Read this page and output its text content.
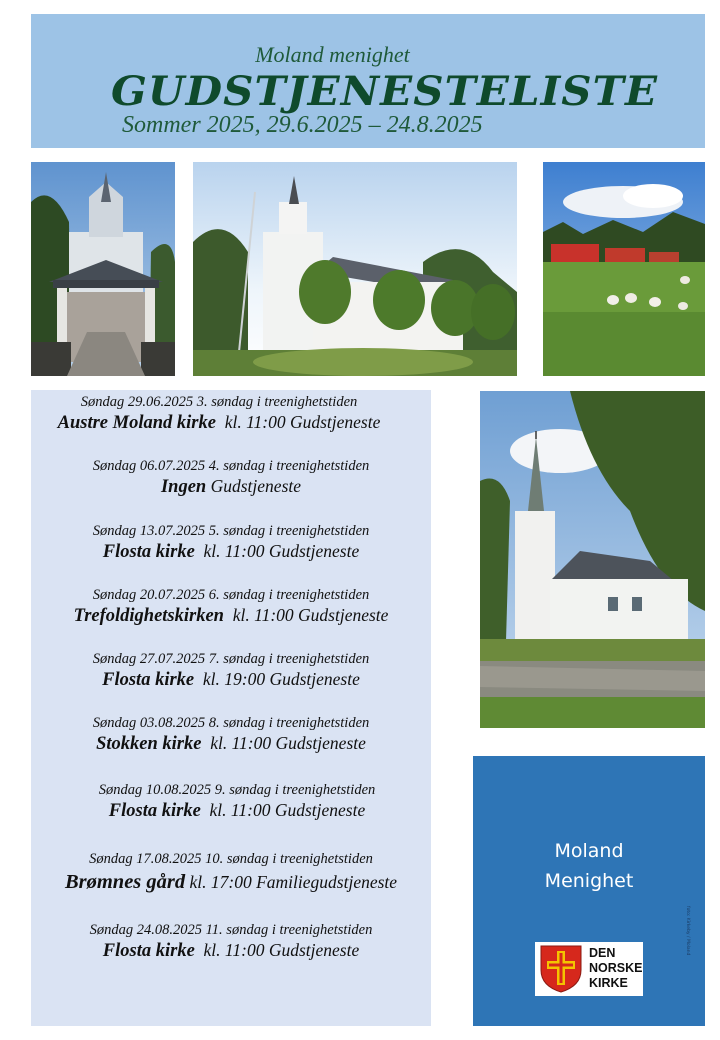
Moland menighet
GUDSTJENESTELISTE
Sommer 2025, 29.6.2025 – 24.8.2025
Søndag 29.06.2025 3. søndag i treenighetstiden
Austre Moland kirke kl. 11:00 Gudstjeneste
Søndag 06.07.2025 4. søndag i treenighetstiden
Ingen Gudstjeneste
Søndag 13.07.2025 5. søndag i treenighetstiden
Flosta kirke kl. 11:00 Gudstjeneste
Søndag 20.07.2025 6. søndag i treenighetstiden
Trefoldighetskirken kl. 11:00 Gudstjeneste
Søndag 27.07.2025 7. søndag i treenighetstiden
Flosta kirke kl. 19:00 Gudstjeneste
Søndag 03.08.2025 8. søndag i treenighetstiden
Stokken kirke kl. 11:00 Gudstjeneste
Søndag 10.08.2025 9. søndag i treenighetstiden
Flosta kirke kl. 11:00 Gudstjeneste
Søndag 17.08.2025 10. søndag i treenighetstiden
Brømnes gård kl. 17:00 Familiegudstjeneste
Søndag 24.08.2025 11. søndag i treenighetstiden
Flosta kirke kl. 11:00 Gudstjeneste
Moland
Menighet
foto: Kirkeby / Moland
DEN
NORSKE
KIRKE
